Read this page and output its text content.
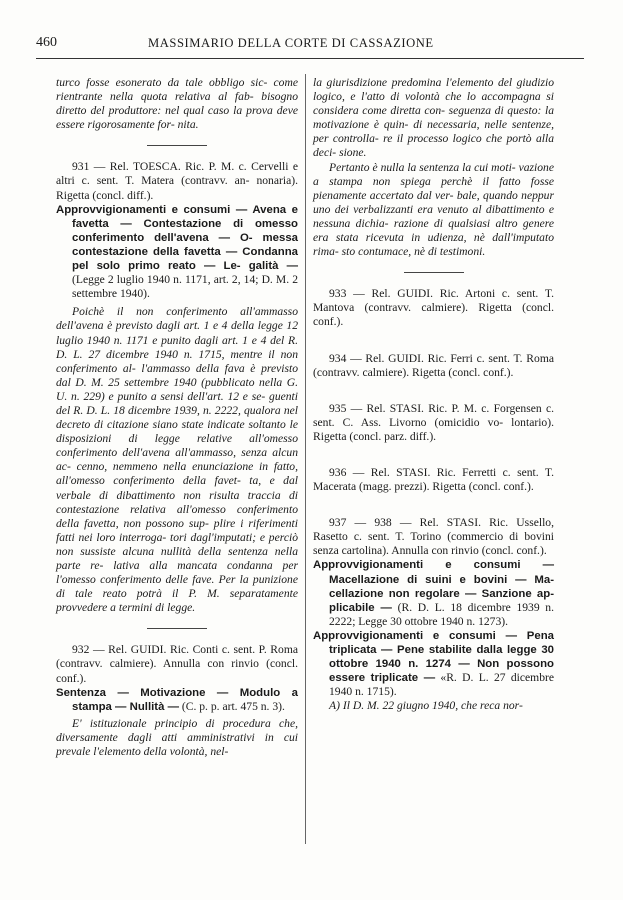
460	MASSIMARIO DELLA CORTE DI CASSAZIONE

turco fosse esonerato da tale obbligo sic- come rientrante nella quota relativa al fab- bisogno diretto del produttore: nel qual caso la prova deve essere rigorosamente for- nita.

931 — Rel. TOESCA. Ric. P. M. c. Cervelli e altri c. sent. T. Matera (contravv. an- nonaria). Rigetta (concl. diff.).

Approvvigionamenti e consumi — Avena e favetta — Contestazione di omesso conferimento dell'avena — O- messa contestazione della favetta — Condanna pel solo primo reato — Le- galità — (Legge 2 luglio 1940 n. 1171, art. 2, 14; D. M. 2 settembre 1940).

Poichè il non conferimento all'ammasso dell'avena è previsto dagli art. 1 e 4 della legge 12 luglio 1940 n. 1171 e punito dagli art. 1 e 4 del R. D. L. 27 dicembre 1940 n. 1715, mentre il non conferimento al- l'ammasso della fava è previsto dal D. M. 25 settembre 1940 (pubblicato nella G. U. n. 229) e punito a sensi dell'art. 12 e se- guenti del R. D. L. 18 dicembre 1939, n. 2222, qualora nel decreto di citazione siano state indicate soltanto le disposizioni di legge relative all'omesso conferimento dell'avena all'ammasso, senza alcun ac- cenno, nemmeno nella enunciazione in fatto, all'omesso conferimento della favet- ta, e dal verbale di dibattimento non risulta traccia di contestazione relativa all'omesso conferimento della favetta, non possono sup- plire i riferimenti fatti nei loro interroga- tori dagl'imputati; e perciò non sussiste alcuna nullità della sentenza nella parte re- lativa alla mancata condanna per l'omesso conferimento delle fave. Per la punizione di tale reato potrà il P. M. separatamente provvedere a termini di legge.

932 — Rel. GUIDI. Ric. Conti c. sent. P. Roma (contravv. calmiere). Annulla con rinvio (concl. conf.).

Sentenza — Motivazione — Modulo a stampa — Nullità — (C. p. p. art. 475 n. 3).

E' istituzionale principio di procedura che, diversamente dagli atti amministrativi in cui prevale l'elemento della volontà, nel-

la giurisdizione predomina l'elemento del giudizio logico, e l'atto di volontà che lo accompagna si considera come diretta con- seguenza di questo: la motivazione è quin- di necessaria, nelle sentenze, per controlla- re il processo logico che portò alla deci- sione.

Pertanto è nulla la sentenza la cui moti- vazione a stampa non spiega perchè il fatto fosse pienamente accertato dal ver- bale, quando neppur uno dei verbalizzanti era venuto al dibattimento e nessuna dichia- razione di qualsiasi altro genere era stata ricevuta in udienza, nè dall'imputato rima- sto contumace, nè di testimoni.

933 — Rel. GUIDI. Ric. Artoni c. sent. T. Mantova (contravv. calmiere). Rigetta (concl. conf.).

934 — Rel. GUIDI. Ric. Ferri c. sent. T. Roma (contravv. calmiere). Rigetta (concl. conf.).

935 — Rel. STASI. Ric. P. M. c. Forgensen c. sent. C. Ass. Livorno (omicidio vo- lontario). Rigetta (concl. parz. diff.).

936 — Rel. STASI. Ric. Ferretti c. sent. T. Macerata (magg. prezzi). Rigetta (concl. conf.).

937 — 938 — Rel. STASI. Ric. Ussello, Rasetto c. sent. T. Torino (commercio di bovini senza cartolina). Annulla con rinvio (concl. conf.).

Approvvigionamenti e consumi — Macellazione di suini e bovini — Ma- cellazione non regolare — Sanzione ap- plicabile — (R. D. L. 18 dicembre 1939 n. 2222; Legge 30 ottobre 1940 n. 1273).

Approvvigionamenti e consumi — Pena triplicata — Pene stabilite dalla legge 30 ottobre 1940 n. 1274 — Non possono essere triplicate — «R. D. L. 27 dicembre 1940 n. 1715).

A) Il D. M. 22 giugno 1940, che reca nor-
